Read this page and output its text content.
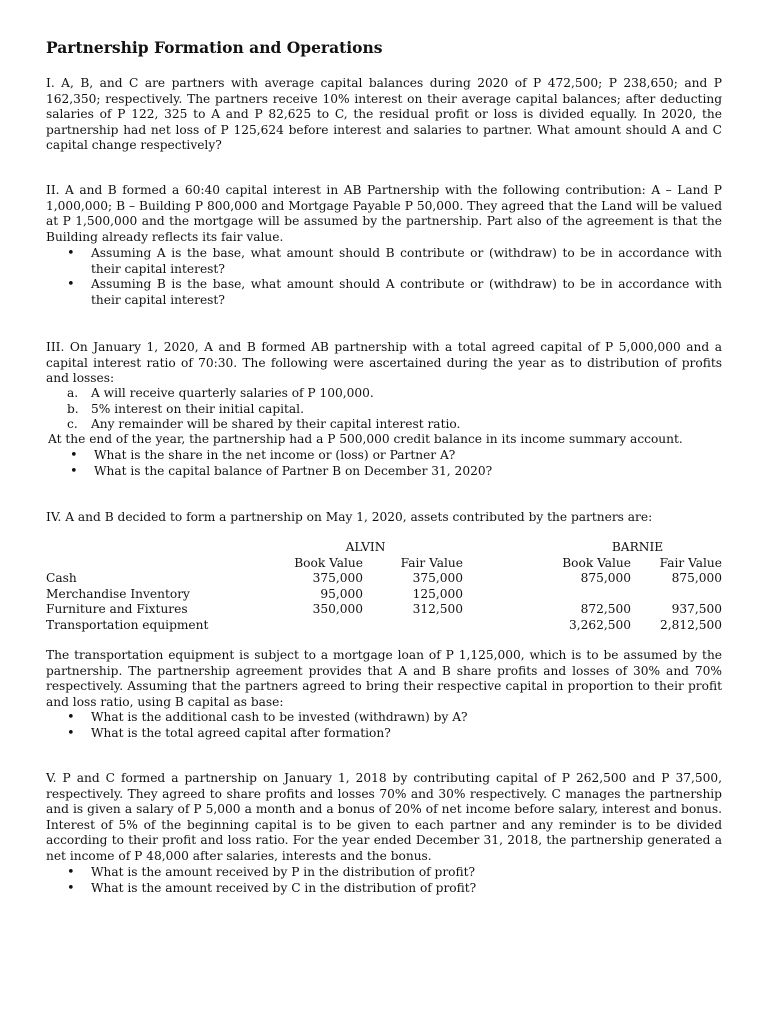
Partnership Formation and Operations
I. A, B, and C are partners with average capital balances during 2020 of P 472,500; P 238,650; and P 162,350; respectively. The partners receive 10% interest on their average capital balances; after deducting salaries of P 122, 325 to A and P 82,625 to C, the residual profit or loss is divided equally. In 2020, the partnership had net loss of P 125,624 before interest and salaries to partner. What amount should A and C capital change respectively?
II. A and B formed a 60:40 capital interest in AB Partnership with the following contribution: A – Land P 1,000,000; B – Building P 800,000 and Mortgage Payable P 50,000. They agreed that the Land will be valued at P 1,500,000 and the mortgage will be assumed by the partnership. Part also of the agreement is that the Building already reflects its fair value.
• Assuming A is the base, what amount should B contribute or (withdraw) to be in accordance with their capital interest?
• Assuming B is the base, what amount should A contribute or (withdraw) to be in accordance with their capital interest?
III. On January 1, 2020, A and B formed AB partnership with a total agreed capital of P 5,000,000 and a capital interest ratio of 70:30. The following were ascertained during the year as to distribution of profits and losses:
a. A will receive quarterly salaries of P 100,000.
b. 5% interest on their initial capital.
c. Any remainder will be shared by their capital interest ratio.
At the end of the year, the partnership had a P 500,000 credit balance in its income summary account.
• What is the share in the net income or (loss) or Partner A?
• What is the capital balance of Partner B on December 31, 2020?
IV. A and B decided to form a partnership on May 1, 2020, assets contributed by the partners are:
	ALVIN			BARNIE	
	Book Value	Fair Value		Book Value	Fair Value
Cash	375,000	375,000		875,000	875,000
Merchandise Inventory	95,000	125,000			
Furniture and Fixtures	350,000	312,500		872,500	937,500
Transportation equipment				3,262,500	2,812,500
The transportation equipment is subject to a mortgage loan of P 1,125,000, which is to be assumed by the partnership. The partnership agreement provides that A and B share profits and losses of 30% and 70% respectively. Assuming that the partners agreed to bring their respective capital in proportion to their profit and loss ratio, using B capital as base:
• What is the additional cash to be invested (withdrawn) by A?
• What is the total agreed capital after formation?
V. P and C formed a partnership on January 1, 2018 by contributing capital of P 262,500 and P 37,500, respectively. They agreed to share profits and losses 70% and 30% respectively. C manages the partnership and is given a salary of P 5,000 a month and a bonus of 20% of net income before salary, interest and bonus. Interest of 5% of the beginning capital is to be given to each partner and any reminder is to be divided according to their profit and loss ratio. For the year ended December 31, 2018, the partnership generated a net income of P 48,000 after salaries, interests and the bonus.
• What is the amount received by P in the distribution of profit?
• What is the amount received by C in the distribution of profit?
